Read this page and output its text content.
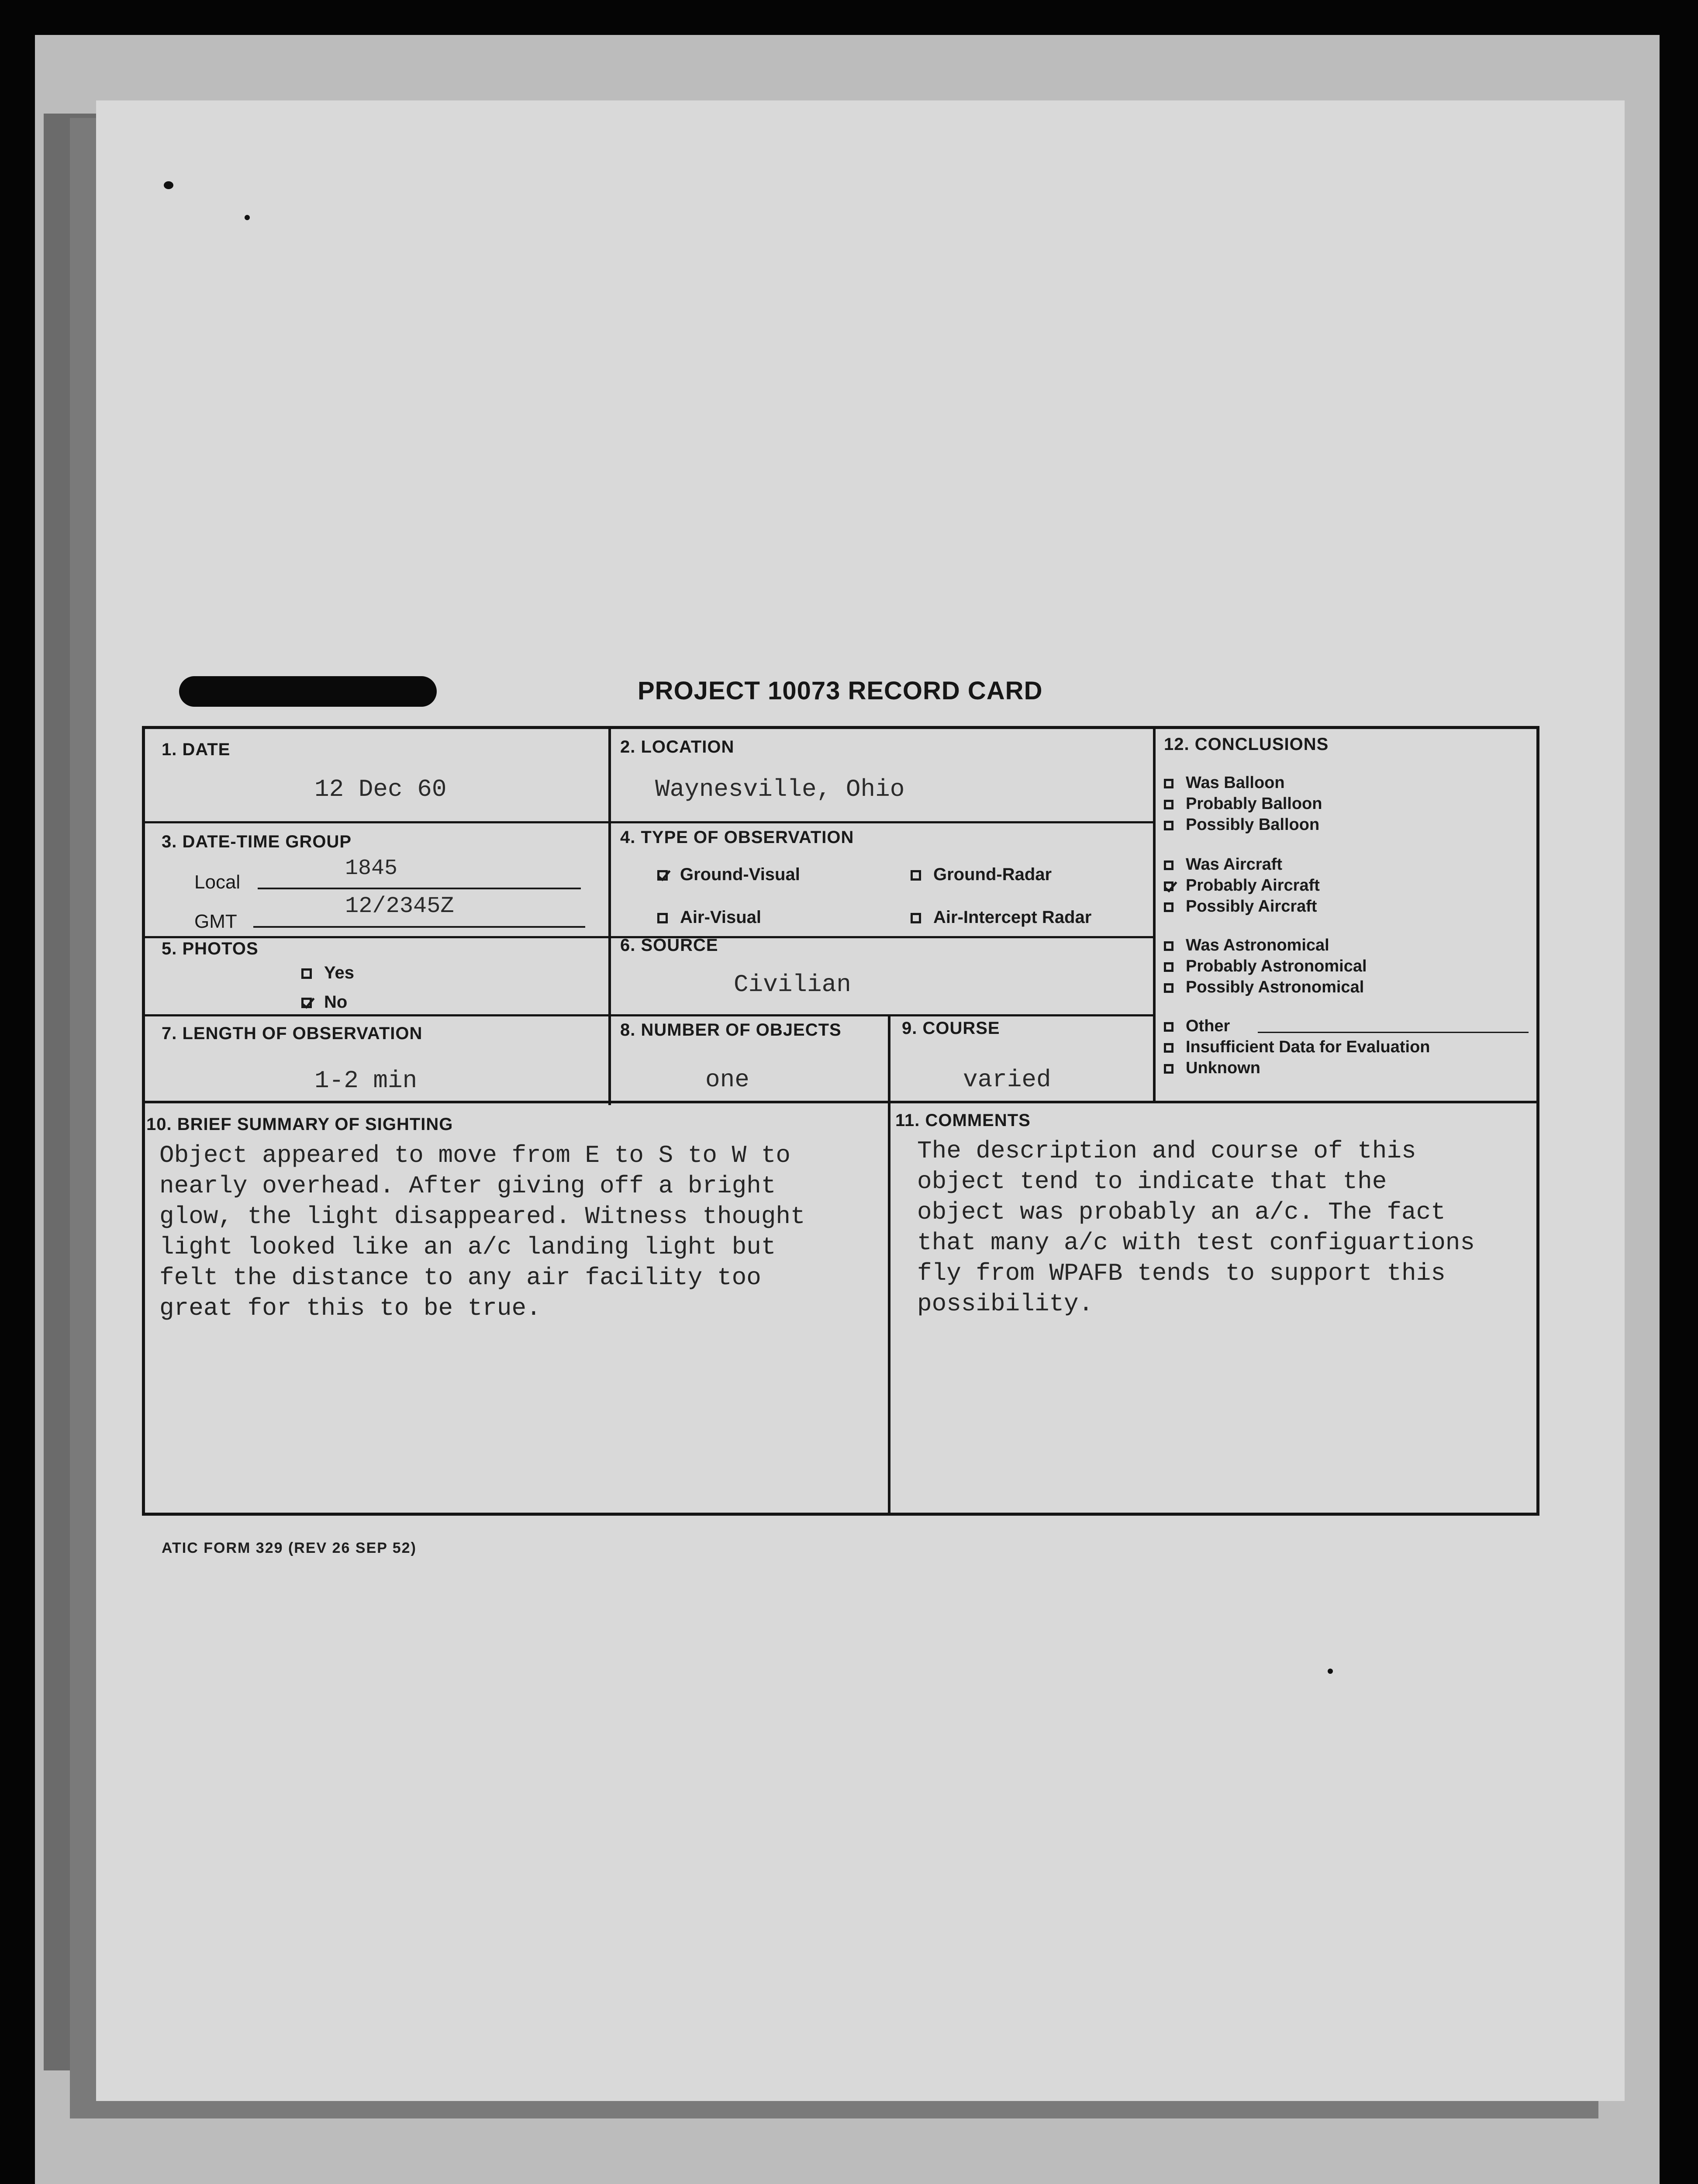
PROJECT 10073 RECORD CARD
1. DATE
12 Dec 60
2. LOCATION
Waynesville, Ohio
3. DATE-TIME GROUP
Local
1845
GMT
12/2345Z
4. TYPE OF OBSERVATION
Ground-Visual	Ground-Radar
Air-Visual	Air-Intercept Radar
5. PHOTOS
Yes
No
6. SOURCE
Civilian
7. LENGTH OF OBSERVATION
1-2 min
8. NUMBER OF OBJECTS
one
9. COURSE
varied
10. BRIEF SUMMARY OF SIGHTING
Object appeared to move from E to S to W to
nearly overhead. After giving off a bright
glow, the light disappeared. Witness thought
light looked like an a/c landing light but
felt the distance to any air facility too
great for this to be true.
11. COMMENTS
The description and course of this
object tend to indicate that the
object was probably an a/c. The fact
that many a/c with test configuartions
fly from WPAFB tends to support this
possibility.
12. CONCLUSIONS
Was Balloon
Probably Balloon
Possibly Balloon
Was Aircraft
Probably Aircraft
Possibly Aircraft
Was Astronomical
Probably Astronomical
Possibly Astronomical
Other
Insufficient Data for Evaluation
Unknown
ATIC FORM 329 (REV 26 SEP 52)
